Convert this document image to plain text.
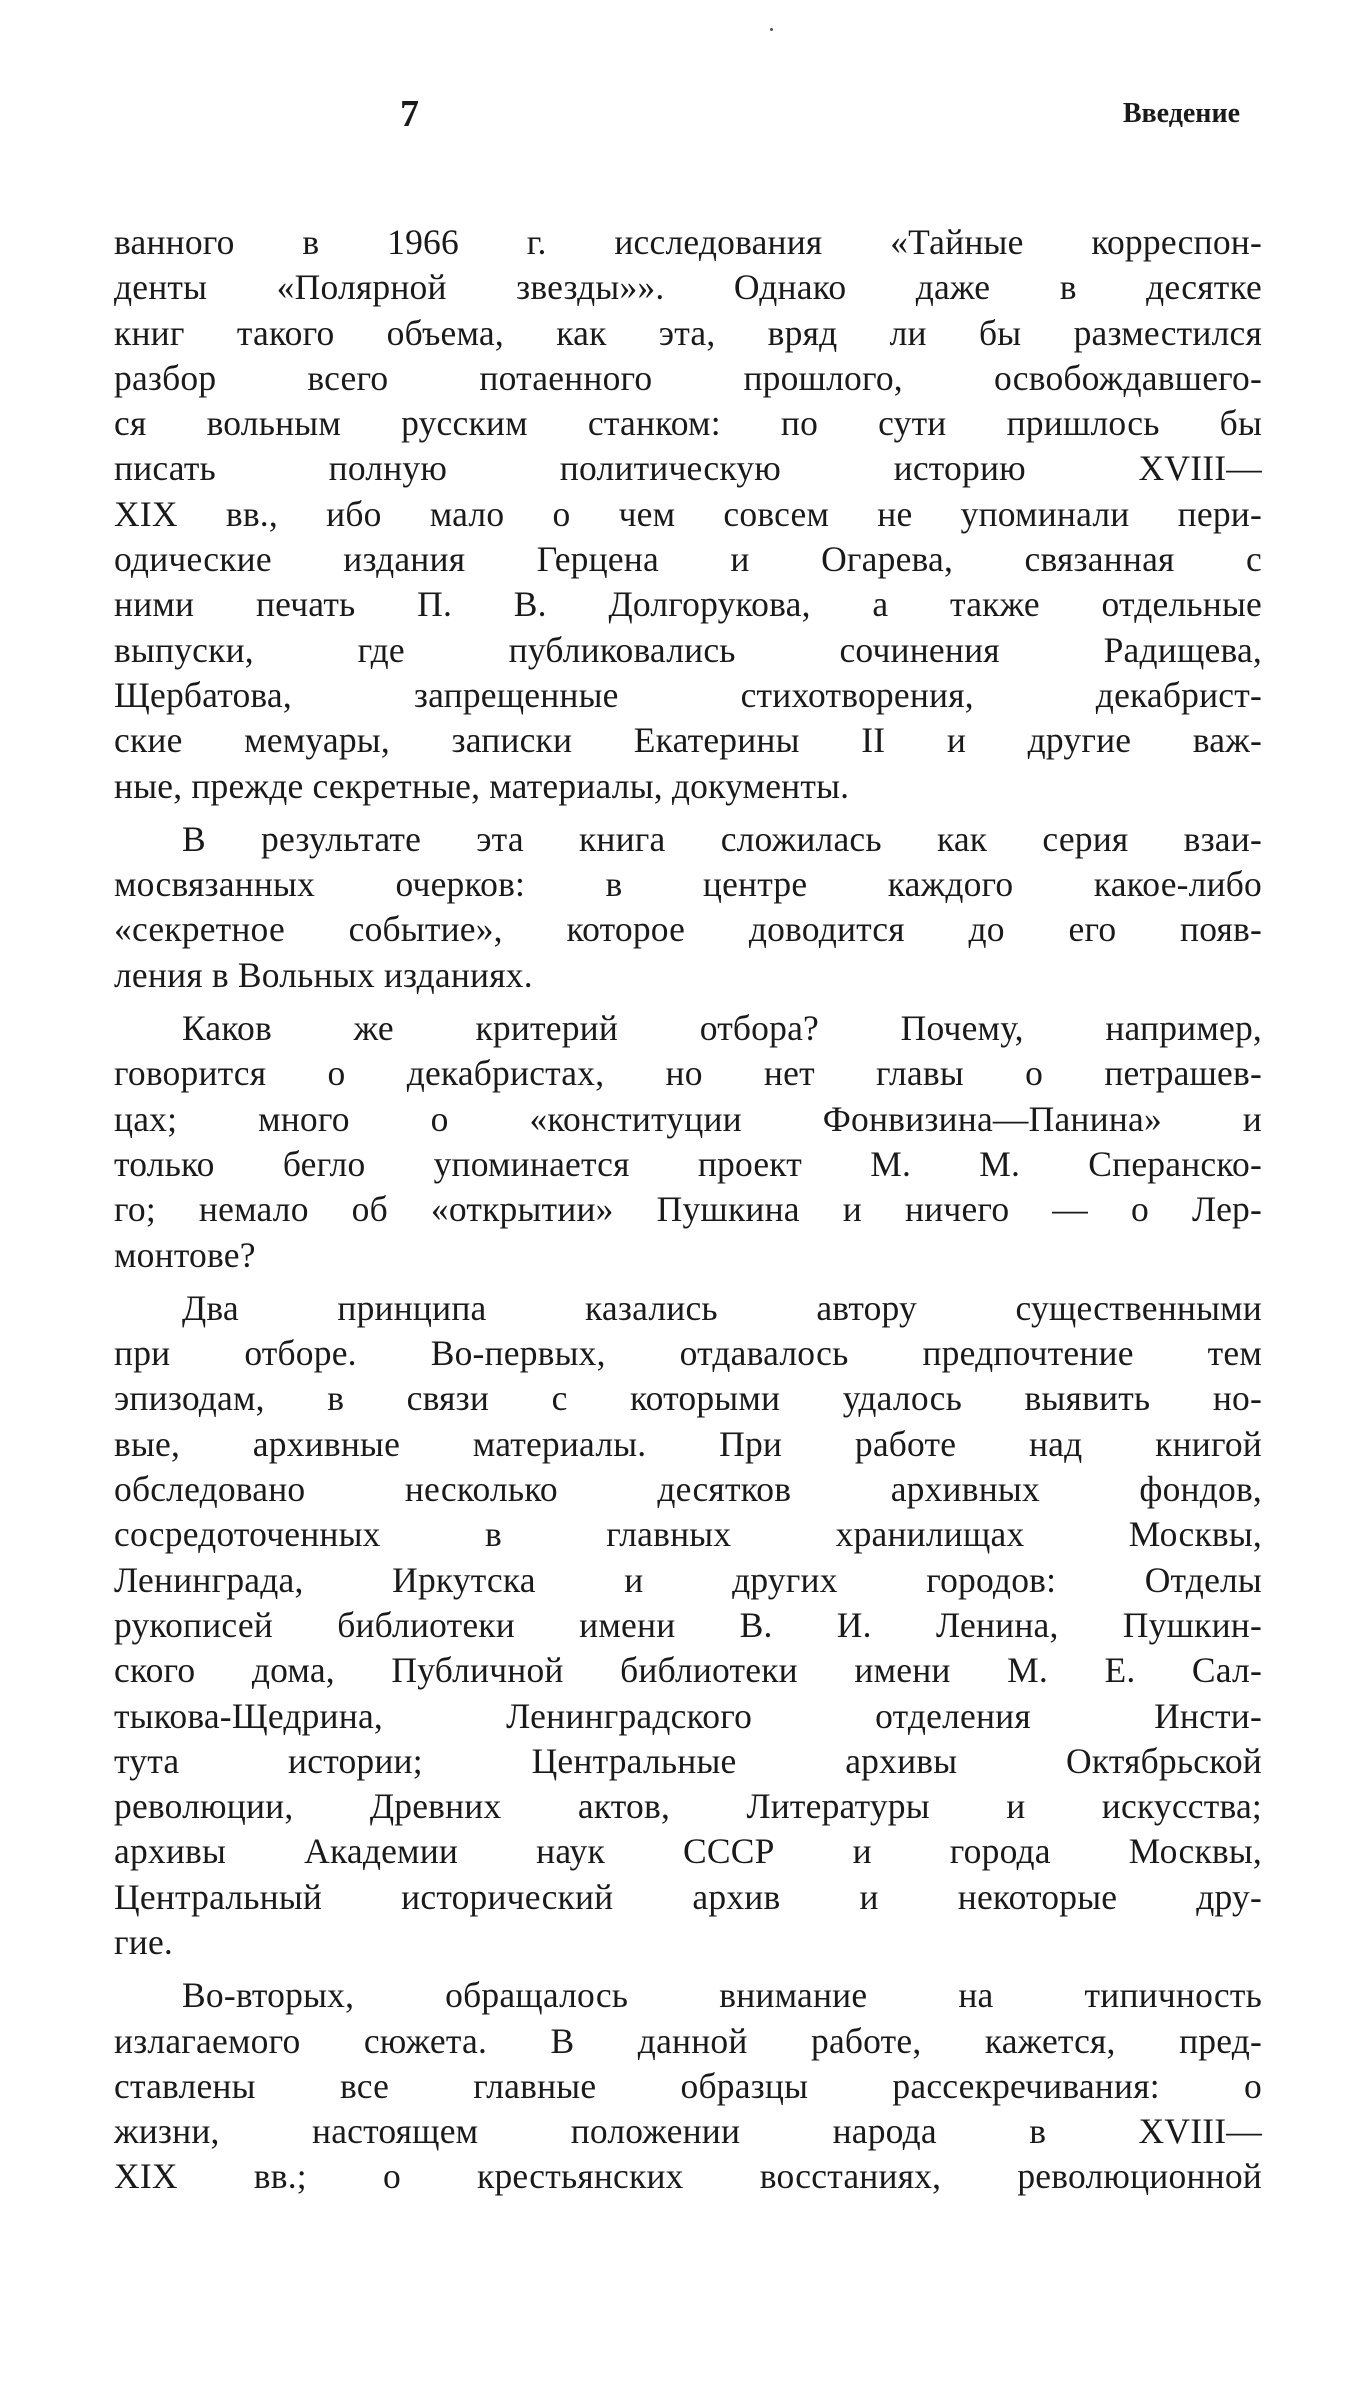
7	Введение
ванного в 1966 г. исследования «Тайные корреспон-
денты «Полярной звезды»». Однако даже в десятке
книг такого объема, как эта, вряд ли бы разместился
разбор всего потаенного прошлого, освобождавшего-
ся вольным русским станком: по сути пришлось бы
писать полную политическую историю XVIII—
XIX вв., ибо мало о чем совсем не упоминали пери-
одические издания Герцена и Огарева, связанная с
ними печать П. В. Долгорукова, а также отдельные
выпуски, где публиковались сочинения Радищева,
Щербатова, запрещенные стихотворения, декабрист-
ские мемуары, записки Екатерины II и другие важ-
ные, прежде секретные, материалы, документы.
В результате эта книга сложилась как серия взаи-
мосвязанных очерков: в центре каждого какое-либо
«секретное событие», которое доводится до его появ-
ления в Вольных изданиях.
Каков же критерий отбора? Почему, например,
говорится о декабристах, но нет главы о петрашев-
цах; много о «конституции Фонвизина—Панина» и
только бегло упоминается проект М. М. Сперанско-
го; немало об «открытии» Пушкина и ничего — о Лер-
монтове?
Два принципа казались автору существенными
при отборе. Во-первых, отдавалось предпочтение тем
эпизодам, в связи с которыми удалось выявить но-
вые, архивные материалы. При работе над книгой
обследовано несколько десятков архивных фондов,
сосредоточенных в главных хранилищах Москвы,
Ленинграда, Иркутска и других городов: Отделы
рукописей библиотеки имени В. И. Ленина, Пушкин-
ского дома, Публичной библиотеки имени М. Е. Сал-
тыкова-Щедрина, Ленинградского отделения Инсти-
тута истории; Центральные архивы Октябрьской
революции, Древних актов, Литературы и искусства;
архивы Академии наук СССР и города Москвы,
Центральный исторический архив и некоторые дру-
гие.
Во-вторых, обращалось внимание на типичность
излагаемого сюжета. В данной работе, кажется, пред-
ставлены все главные образцы рассекречивания: о
жизни, настоящем положении народа в XVIII—
XIX вв.; о крестьянских восстаниях, революционной
